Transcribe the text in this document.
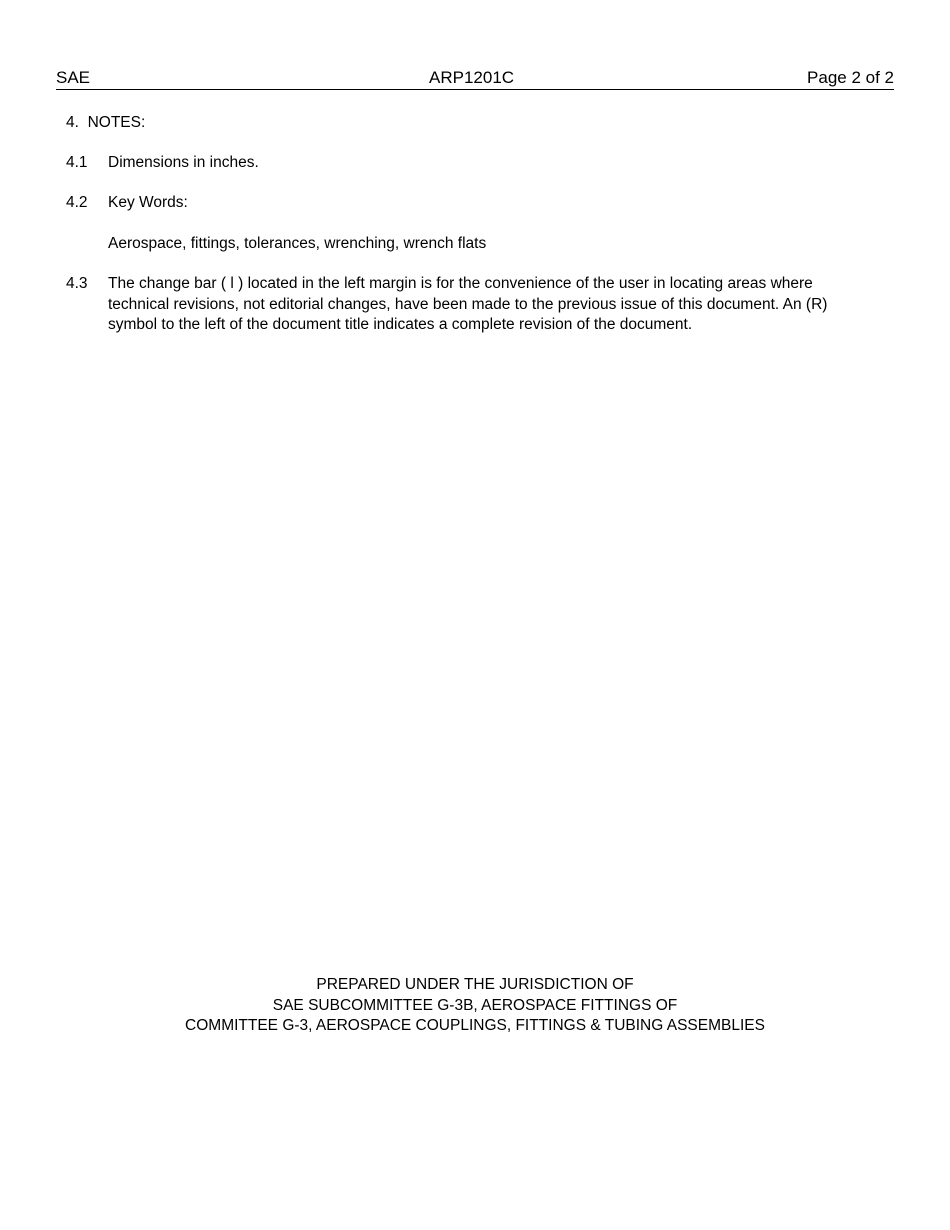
SAE	ARP1201C	Page 2 of 2
4. NOTES:
4.1 Dimensions in inches.
4.2 Key Words:
Aerospace, fittings, tolerances, wrenching, wrench flats
4.3 The change bar ( l ) located in the left margin is for the convenience of the user in locating areas where technical revisions, not editorial changes, have been made to the previous issue of this document. An (R) symbol to the left of the document title indicates a complete revision of the document.
PREPARED UNDER THE JURISDICTION OF
SAE SUBCOMMITTEE G-3B, AEROSPACE FITTINGS OF
COMMITTEE G-3, AEROSPACE COUPLINGS, FITTINGS & TUBING ASSEMBLIES
